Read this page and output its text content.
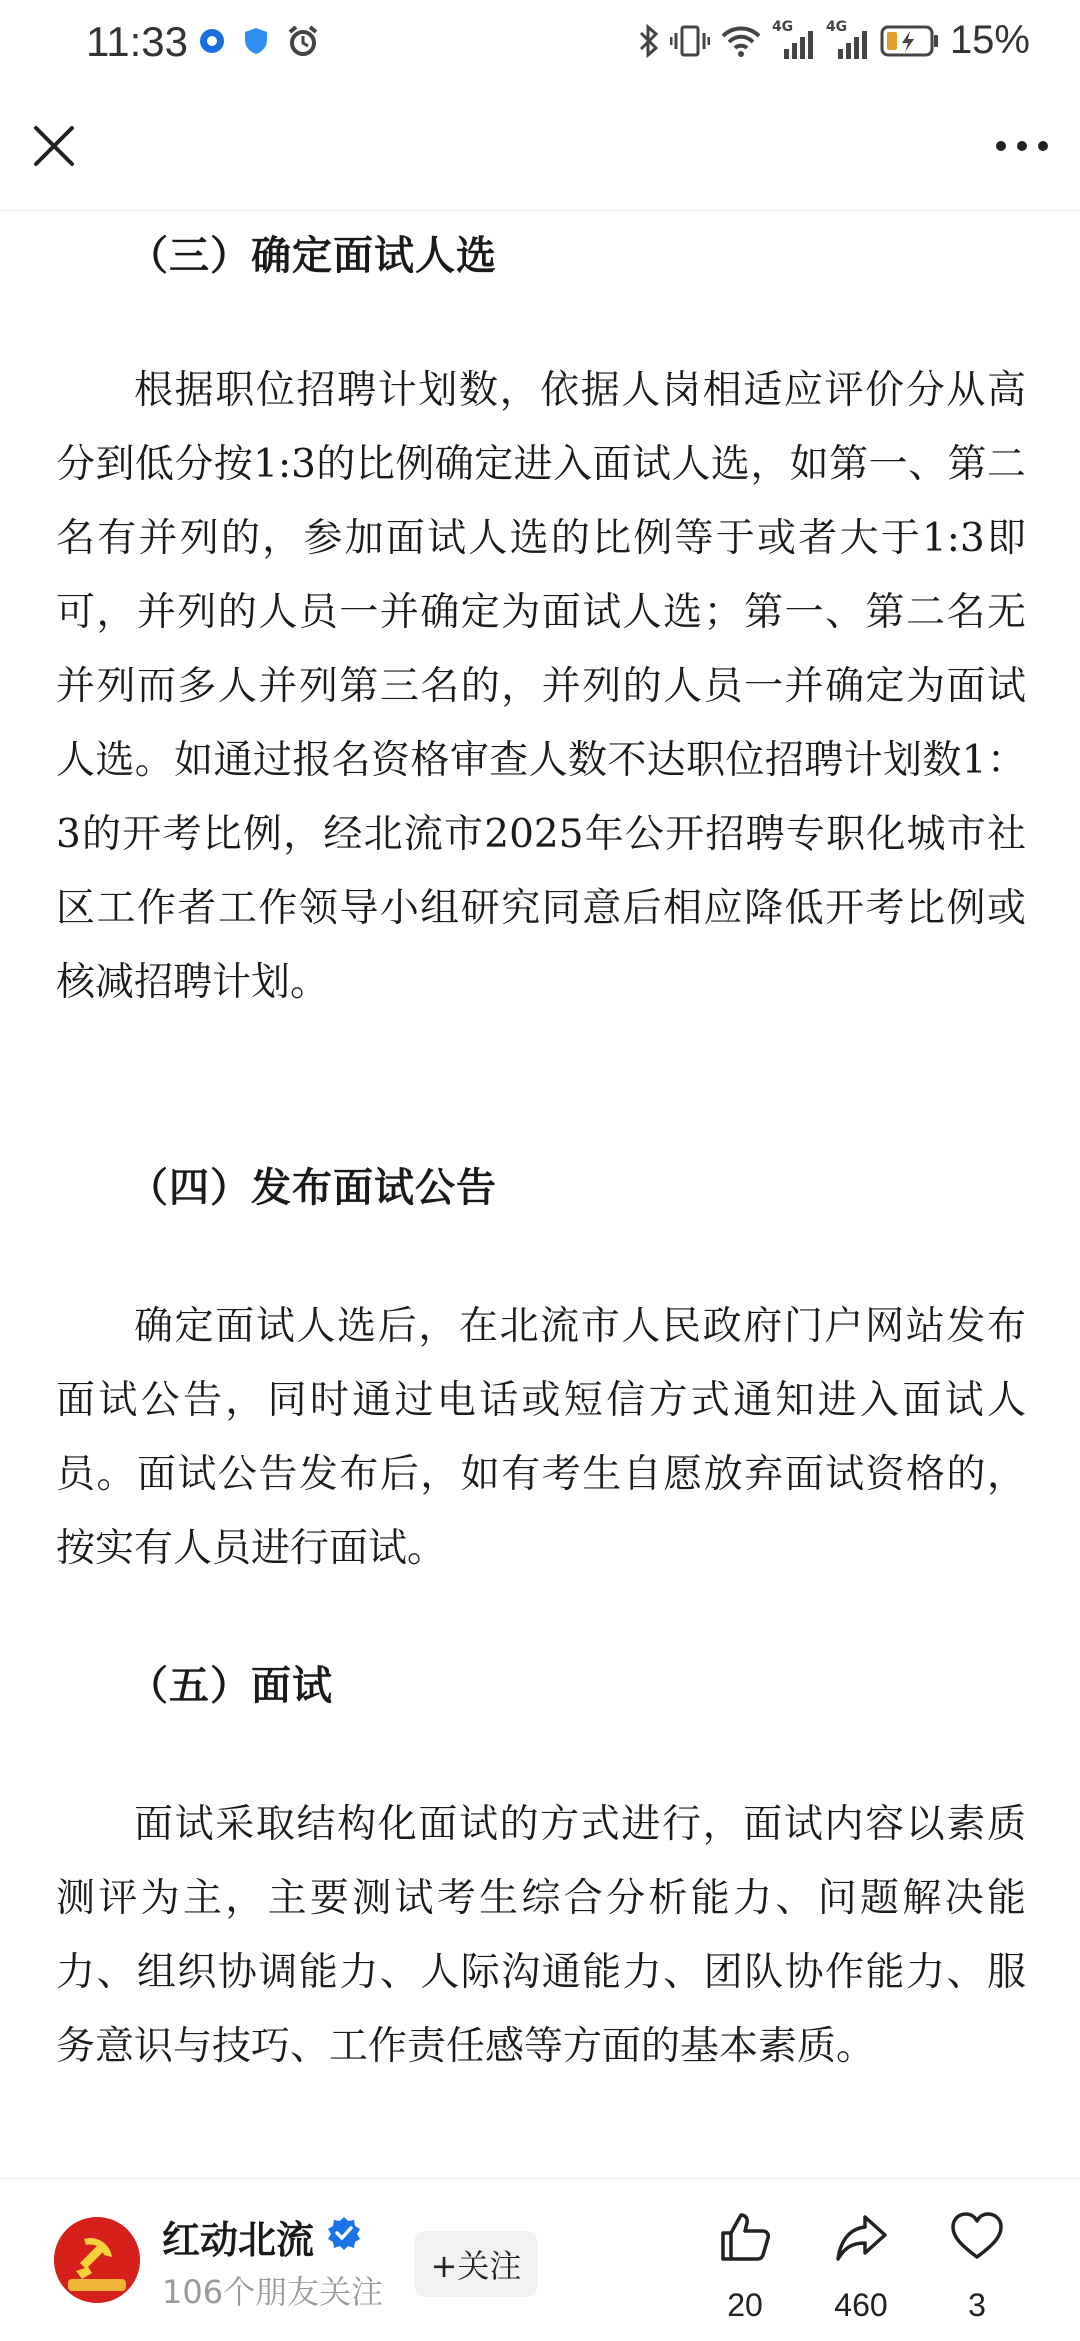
11:33	4G 4G	15%
（三）确定面试人选

根据职位招聘计划数，依据人岗相适应评价分从高分到低分按1:3的比例确定进入面试人选，如第一、第二名有并列的，参加面试人选的比例等于或者大于1:3即可，并列的人员一并确定为面试人选；第一、第二名无并列而多人并列第三名的，并列的人员一并确定为面试人选。如通过报名资格审查人数不达职位招聘计划数1：3的开考比例，经北流市2025年公开招聘专职化城市社区工作者工作领导小组研究同意后相应降低开考比例或核减招聘计划。

（四）发布面试公告

确定面试人选后，在北流市人民政府门户网站发布面试公告，同时通过电话或短信方式通知进入面试人员。面试公告发布后，如有考生自愿放弃面试资格的，按实有人员进行面试。

（五）面试

面试采取结构化面试的方式进行，面试内容以素质测评为主，主要测试考生综合分析能力、问题解决能力、组织协调能力、人际沟通能力、团队协作能力、服务意识与技巧、工作责任感等方面的基本素质。

红动北流
106个朋友关注
+关注
20	460	3
